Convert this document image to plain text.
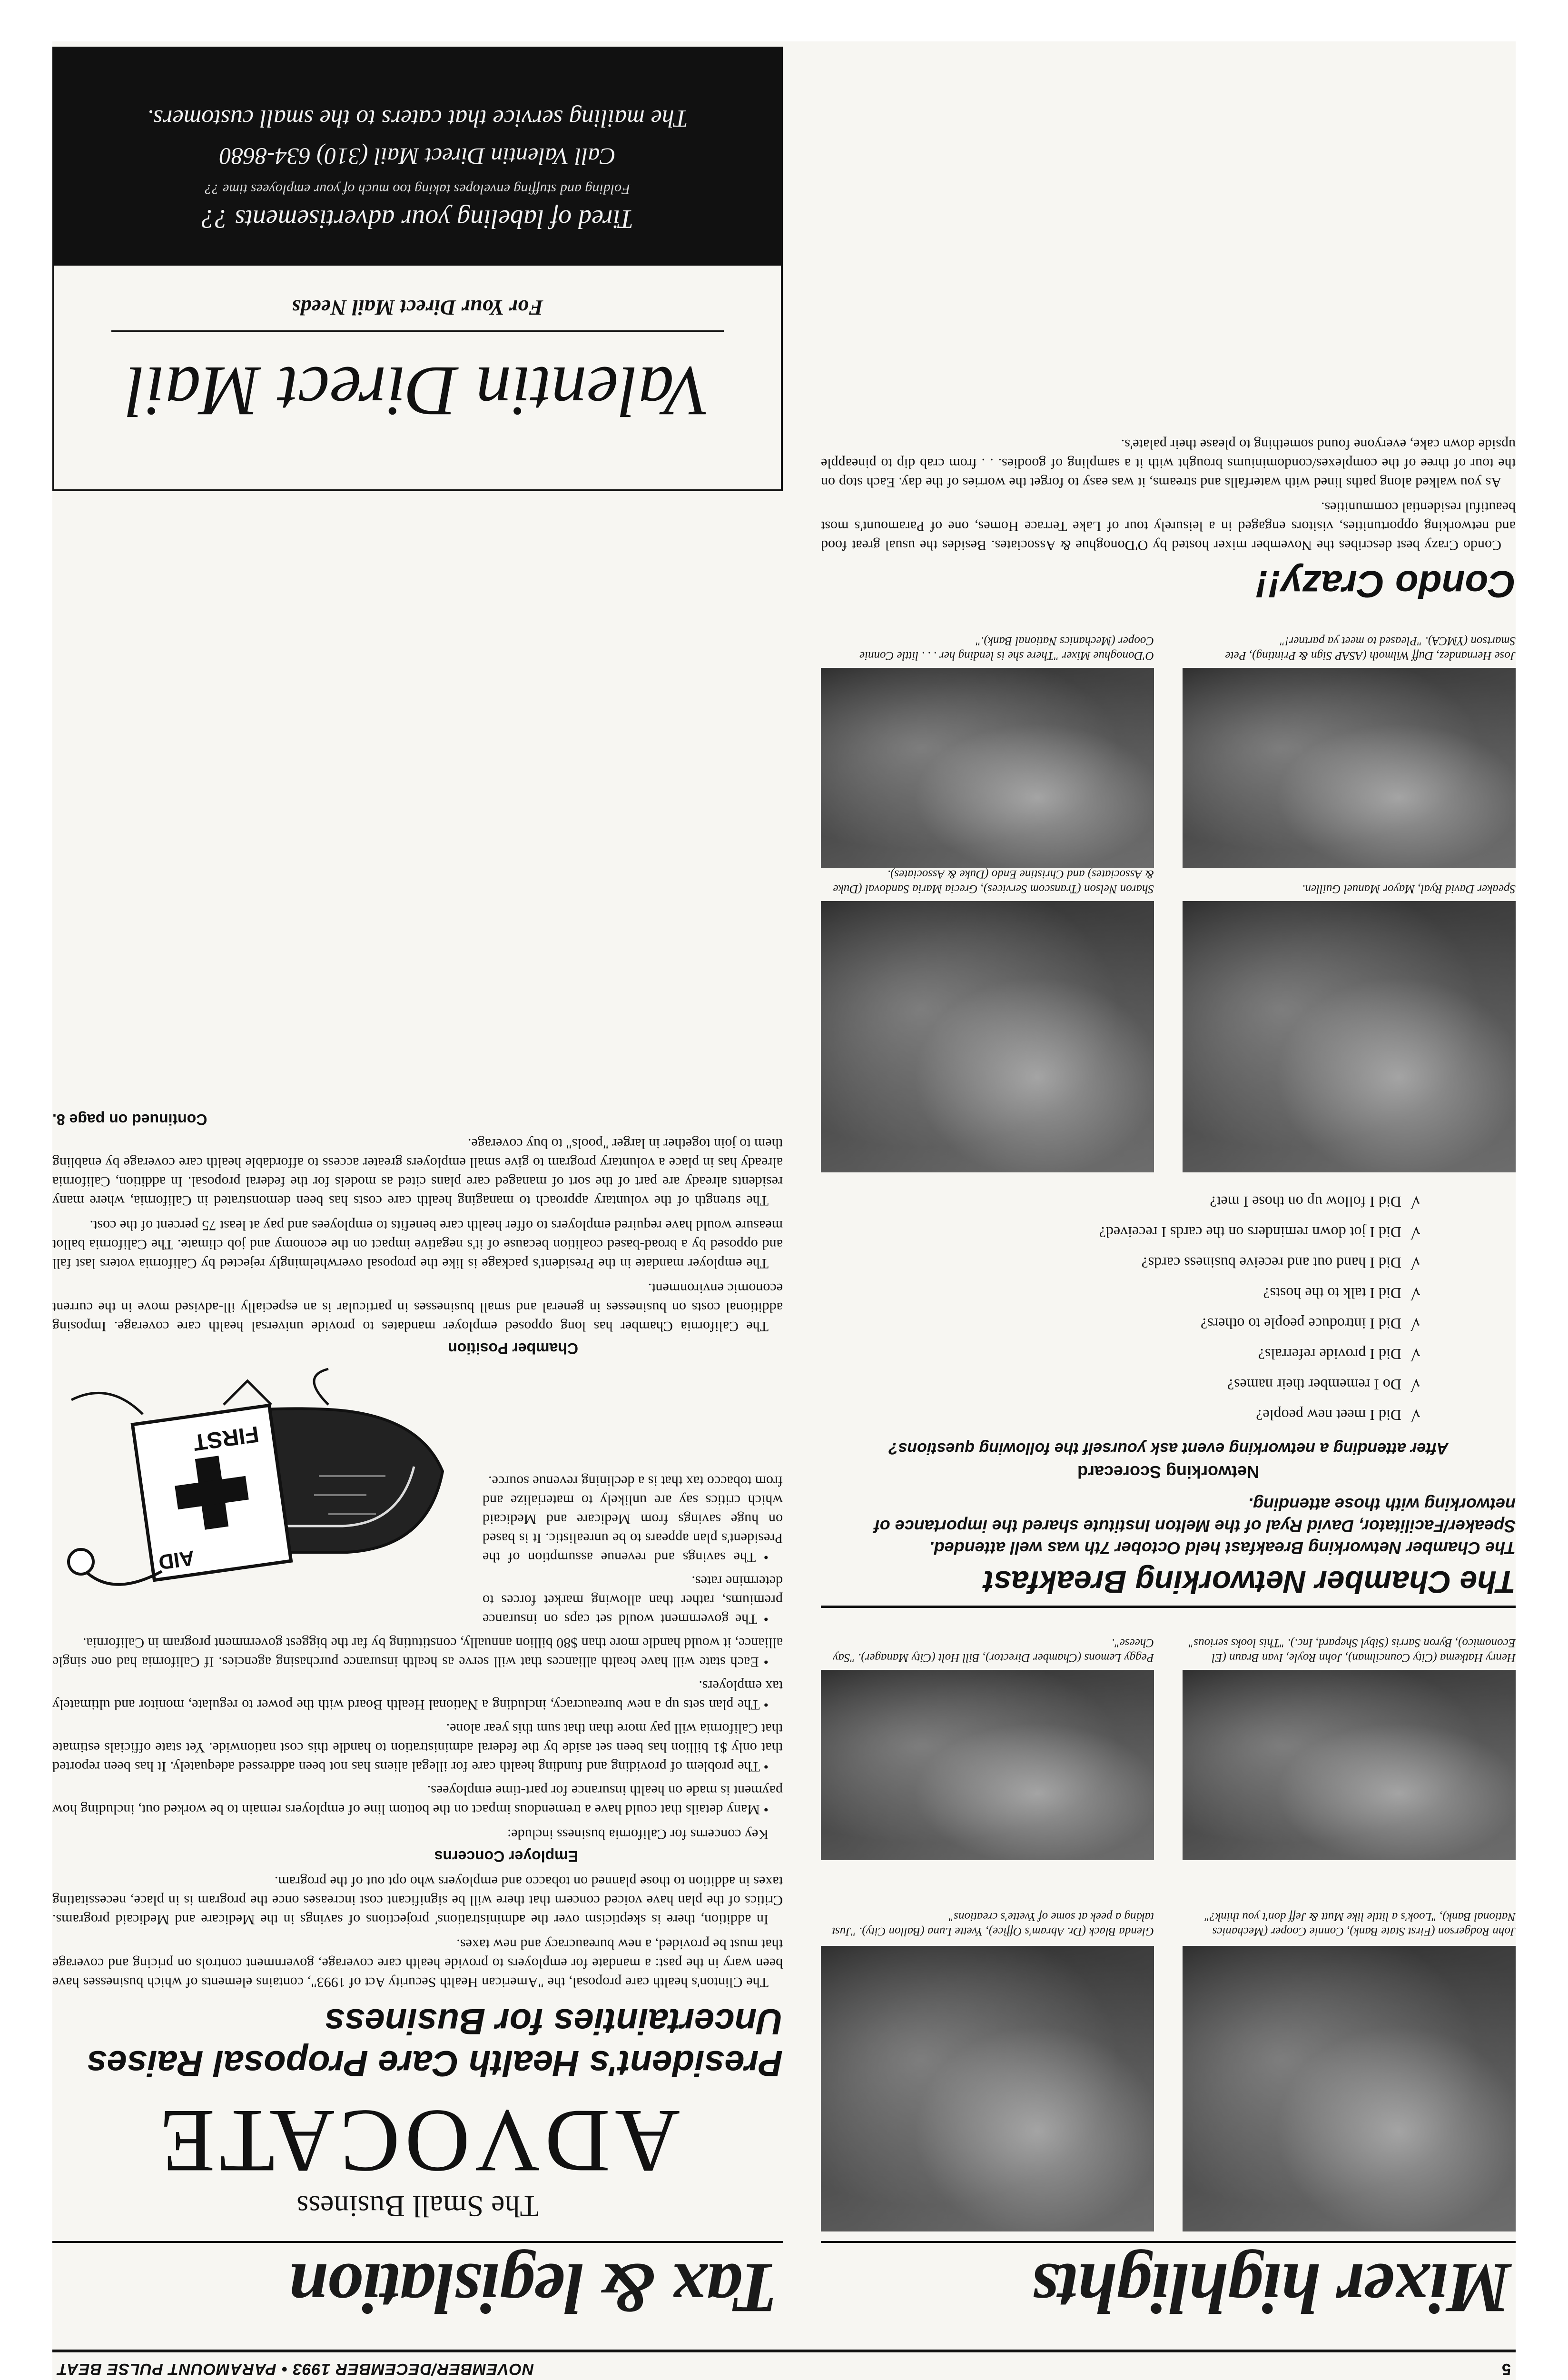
5
NOVEMBER/DECEMBER 1993 • PARAMOUNT PULSE BEAT
Mixer highlights
John Rodgerson (First State Bank), Connie Cooper (Mechanics National Bank), "Look's a little like Mutt & Jeff don't you think?"
Glenda Black (Dr. Abram's Office), Yvette Luna (Ballon City). "Just taking a peek at some of Yvette's creations"
Henry Hatkema (City Councilman), John Royle, Ivan Braun (El Economico), Byron Sarris (Sibyl Shepard, Inc.). "This looks serious"
Peggy Lemons (Chamber Director), Bill Holt (City Manager). "Say Cheese".
The Chamber Networking Breakfast
The Chamber Networking Breakfast held October 7th was well attended. Speaker/Facilitator, David Ryal of the Melton Institute shared the importance of networking with those attending.
Networking Scorecard
After attending a networking event ask yourself the following questions?
√Did I meet new people?
√Do I remember their names?
√Did I provide referrals?
√Did I introduce people to others?
√Did I talk to the hosts?
√Did I hand out and receive business cards?
√Did I jot down reminders on the cards I received?
√Did I follow up on those I met?
Speaker David Ryal, Mayor Manuel Guillen.
Sharon Nelson (Transcom Services), Grecia Maria Sandoval (Duke & Associates) and Christine Endo (Duke & Associates).
Jose Hernandez, Duff Wilmoth (ASAP Sign & Printing), Pete Smartson (YMCA). "Pleased to meet ya partner!"
O'Donoghue Mixer "There she is lending her . . . little Connie Cooper (Mechanics National Bank)."
Condo Crazy!!

Condo Crazy best describes the November mixer hosted by O'Donoghue & Associates. Besides the usual great food and networking opportunities, visitors engaged in a leisurely tour of Lake Terrace Homes, one of Paramount's most beautiful residential communities.

As you walked along paths lined with waterfalls and streams, it was easy to forget the worries of the day. Each stop on the tour of three of the complexes/condominiums brought with it a sampling of goodies. . . from crab dip to pineapple upside down cake, everyone found something to please their palate's.

Tax & legislation
The Small Business
ADVOCATE
President's Health Care Proposal Raises Uncertainties for Business

The Clinton's health care proposal, the "American Health Security Act of 1993", contains elements of which businesses have been wary in the past: a mandate for employers to provide health care coverage, government controls on pricing and coverage that must be provided, a new bureaucracy and new taxes.

In addition, there is skepticism over the administrations' projections of savings in the Medicare and Medicaid programs. Critics of the plan have voiced concern that there will be significant cost increases once the program is in place, necessitating taxes in addition to those planned on tobacco and employers who opt out of the program.

Employer Concerns

Key concerns for California business include:

• Many details that could have a tremendous impact on the bottom line of employers remain to be worked out, including how payment is made on health insurance for part-time employees.

• The problem of providing and funding health care for illegal aliens has not been addressed adequately. It has been reported that only $1 billion has been set aside by the federal administration to handle this cost nationwide. Yet state officials estimate that California will pay more than that sum this year alone.

• The plan sets up a new bureaucracy, including a National Health Board with the power to regulate, monitor and ultimately tax employers.

• Each state will have health alliances that will serve as health insurance purchasing agencies. If California had one single alliance, it would handle more than $80 billion annually, constituting by far the biggest government program in California.

FIRST
AID

• The government would set caps on insurance premiums, rather than allowing market forces to determine rates.

• The savings and revenue assumption of the President's plan appears to be unrealistic. It is based on huge savings from Medicare and Medicaid which critics say are unlikely to materialize and from tobacco tax that is a declining revenue source.

Chamber Position

The California Chamber has long opposed employer mandates to provide universal health care coverage. Imposing additional costs on businesses in general and small businesses in particular is an especially ill-advised move in the current economic environment.

The employer mandate in the President's package is like the proposal overwhelmingly rejected by California voters last fall and opposed by a broad-based coalition because of it's negative impact on the economy and job climate. The California ballot measure would have required employers to offer health care benefits to employees and pay at least 75 percent of the cost.

The strength of the voluntary approach to managing health care costs has been demonstrated in California, where many residents already are part of the sort of managed care plans cited as models for the federal proposal. In addition, California already has in place a voluntary program to give small employers greater access to affordable health care coverage by enabling them to join together in larger "pools" to buy coverage.

Continued on page 8.
Valentin Direct Mail
For Your Direct Mail Needs
Tired of labeling your advertisements ??
Folding and stuffing envelopes taking too much of your employees time ??
Call Valentin Direct Mail (310) 634-8680
The mailing service that caters to the small customers.
